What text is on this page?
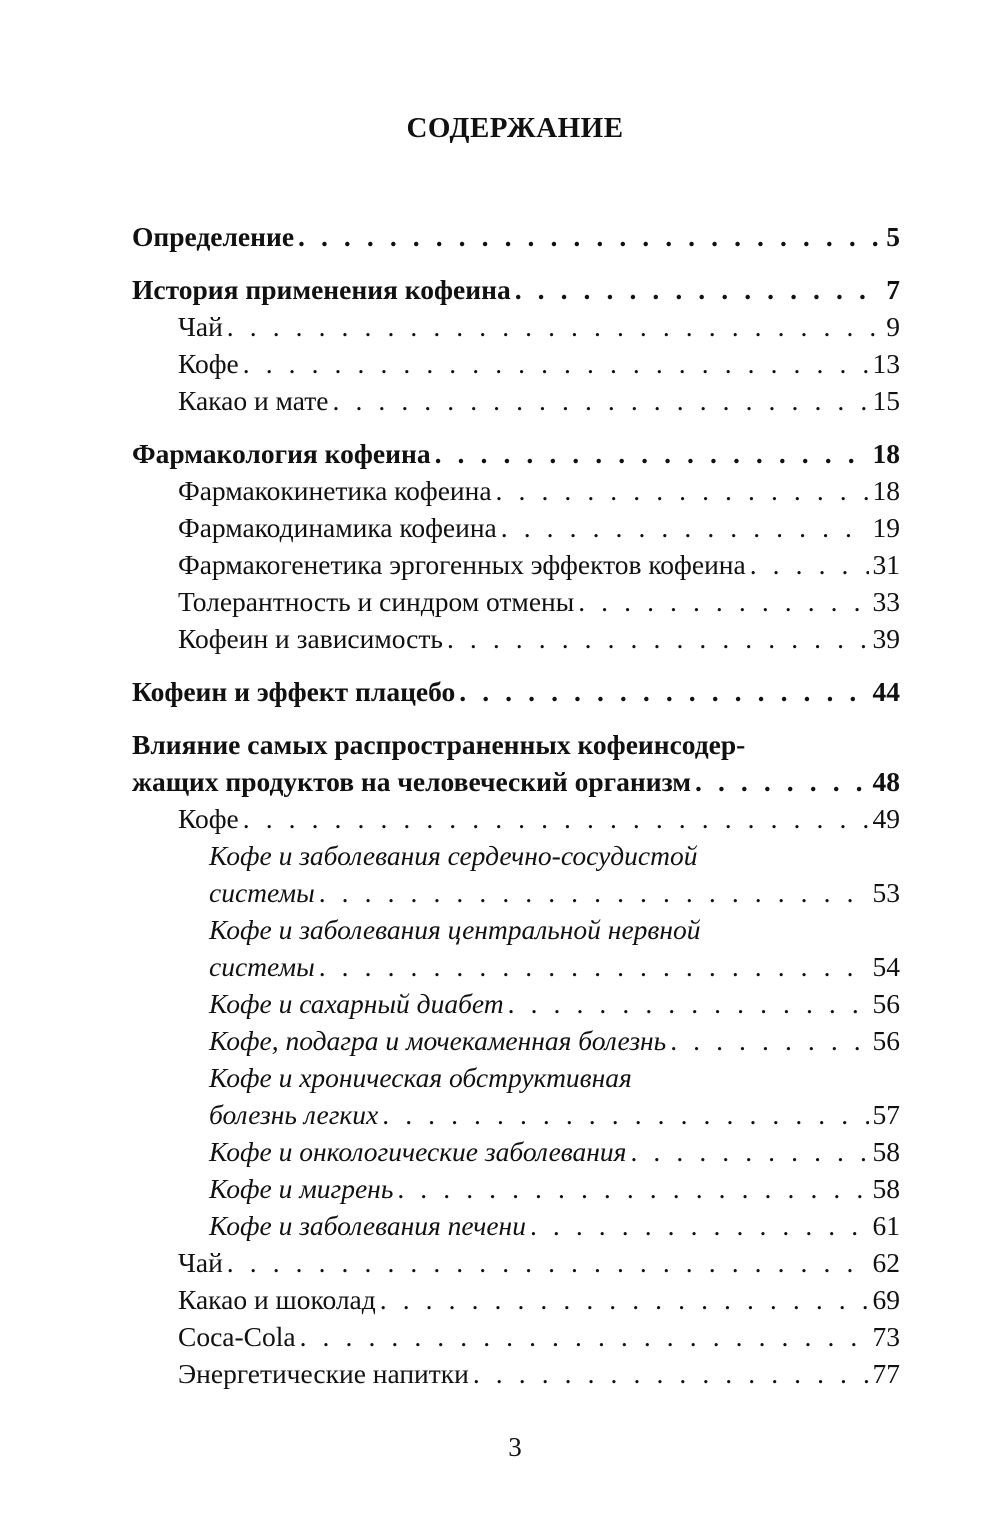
СОДЕРЖАНИЕ
Определение . . .	5
История применения кофеина . . .	7
Чай . . .	9
Кофе . . .	13
Какао и мате . . .	15
Фармакология кофеина . . .	18
Фармакокинетика кофеина . . .	18
Фармакодинамика кофеина . . .	19
Фармакогенетика эргогенных эффектов кофеина . . .	31
Толерантность и синдром отмены . . .	33
Кофеин и зависимость . . .	39
Кофеин и эффект плацебо . . .	44
Влияние самых распространенных кофеинсодер-
жащих продуктов на человеческий организм . . .	48
Кофе . . .	49
Кофе и заболевания сердечно-сосудистой
системы . . .	53
Кофе и заболевания центральной нервной
системы . . .	54
Кофе и сахарный диабет . . .	56
Кофе, подагра и мочекаменная болезнь . . .	56
Кофе и хроническая обструктивная
болезнь легких . . .	57
Кофе и онкологические заболевания . . .	58
Кофе и мигрень . . .	58
Кофе и заболевания печени . . .	61
Чай . . .	62
Какао и шоколад . . .	69
Coca-Cola . . .	73
Энергетические напитки . . .	77
3
